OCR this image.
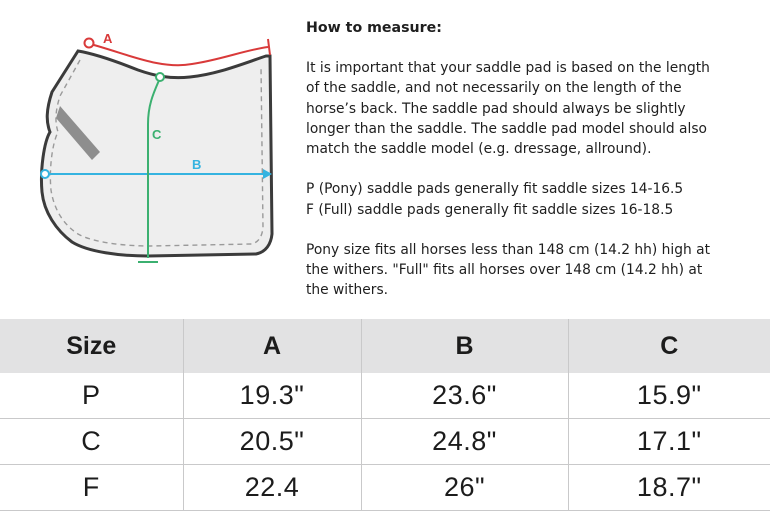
A
B
C
How to measure:
It is important that your saddle pad is based on the length
of the saddle, and not necessarily on the length of the
horse’s back. The saddle pad should always be slightly
longer than the saddle. The saddle pad model should also
match the saddle model (e.g. dressage, allround).
P (Pony) saddle pads generally fit saddle sizes 14-16.5
F (Full) saddle pads generally fit saddle sizes 16-18.5
Pony size fits all horses less than 148 cm (14.2 hh) high at
the withers. "Full" fits all horses over 148 cm (14.2 hh) at
the withers.
Size	A	B	C
P	19.3"	23.6"	15.9"
C	20.5"	24.8"	17.1"
F	22.4	26"	18.7"
